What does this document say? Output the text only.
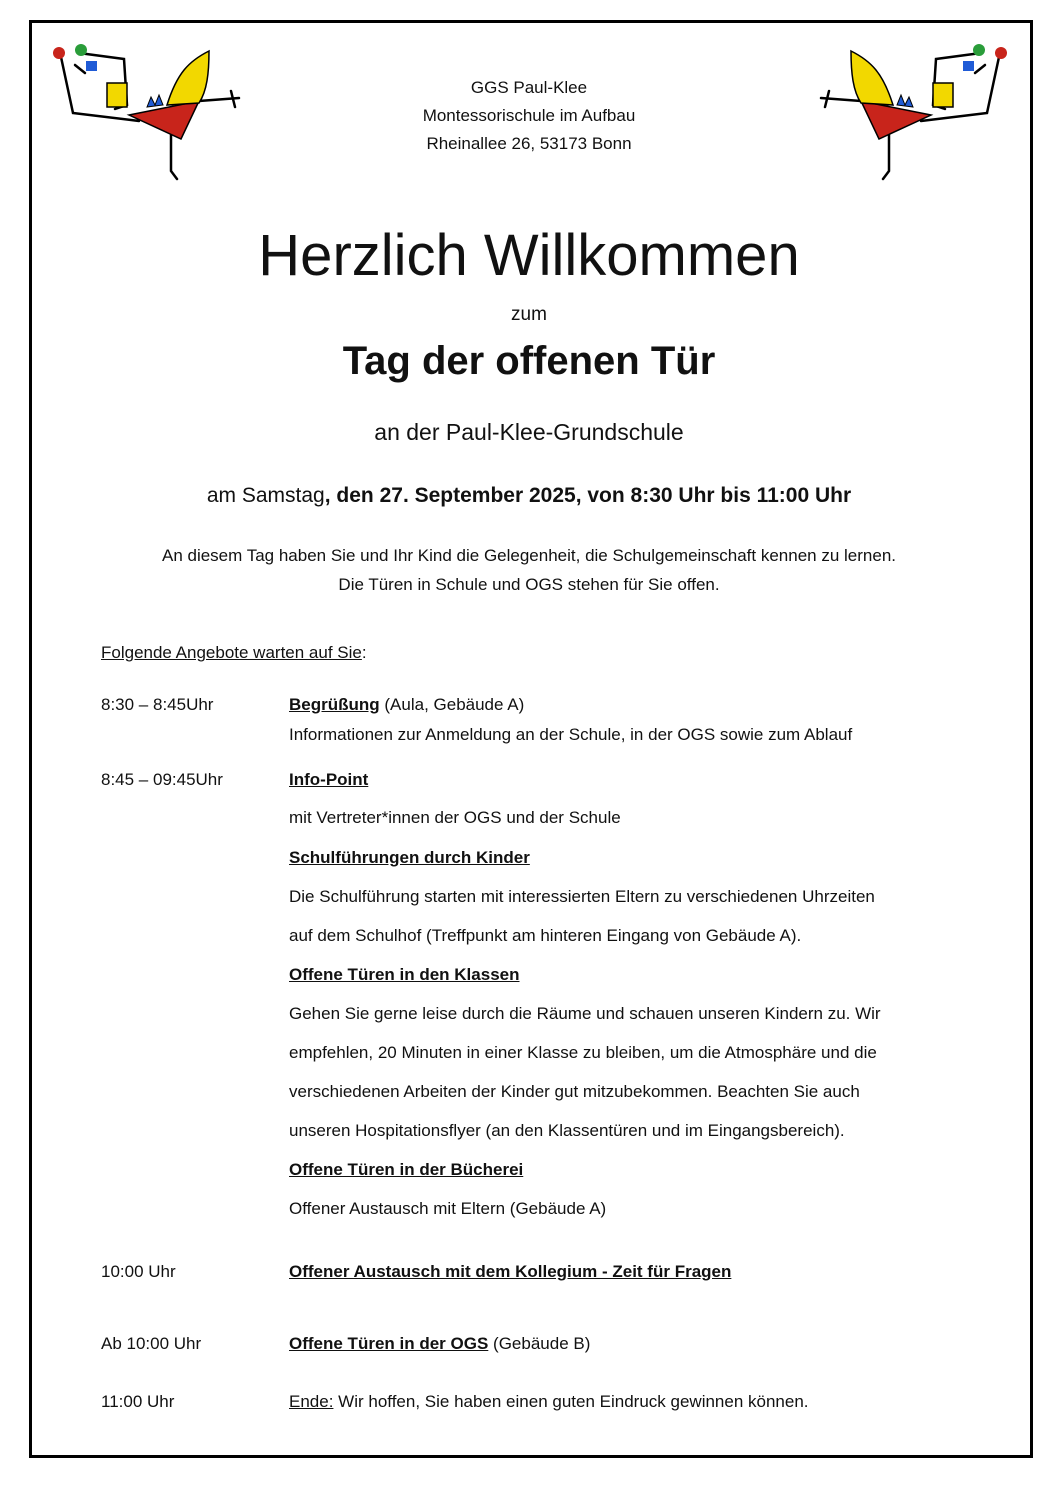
GGS Paul-Klee
Montessorischule im Aufbau
Rheinallee 26, 53173 Bonn
Herzlich Willkommen
zum
Tag der offenen Tür
an der Paul-Klee-Grundschule
am Samstag, den 27. September 2025, von 8:30 Uhr bis 11:00 Uhr
An diesem Tag haben Sie und Ihr Kind die Gelegenheit, die Schulgemeinschaft kennen zu lernen.
Die Türen in Schule und OGS stehen für Sie offen.
Folgende Angebote warten auf Sie:
8:30 – 8:45Uhr	Begrüßung (Aula, Gebäude A)
Informationen zur Anmeldung an der Schule, in der OGS sowie zum Ablauf
8:45 – 09:45Uhr	Info-Point
mit Vertreter*innen der OGS und der Schule
Schulführungen durch Kinder
Die Schulführung starten mit interessierten Eltern zu verschiedenen Uhrzeiten
auf dem Schulhof (Treffpunkt am hinteren Eingang von Gebäude A).
Offene Türen in den Klassen
Gehen Sie gerne leise durch die Räume und schauen unseren Kindern zu. Wir
empfehlen, 20 Minuten in einer Klasse zu bleiben, um die Atmosphäre und die
verschiedenen Arbeiten der Kinder gut mitzubekommen. Beachten Sie auch
unseren Hospitationsflyer (an den Klassentüren und im Eingangsbereich).
Offene Türen in der Bücherei
Offener Austausch mit Eltern (Gebäude A)
10:00 Uhr	Offener Austausch mit dem Kollegium - Zeit für Fragen
Ab 10:00 Uhr	Offene Türen in der OGS (Gebäude B)
11:00 Uhr	Ende: Wir hoffen, Sie haben einen guten Eindruck gewinnen können.
